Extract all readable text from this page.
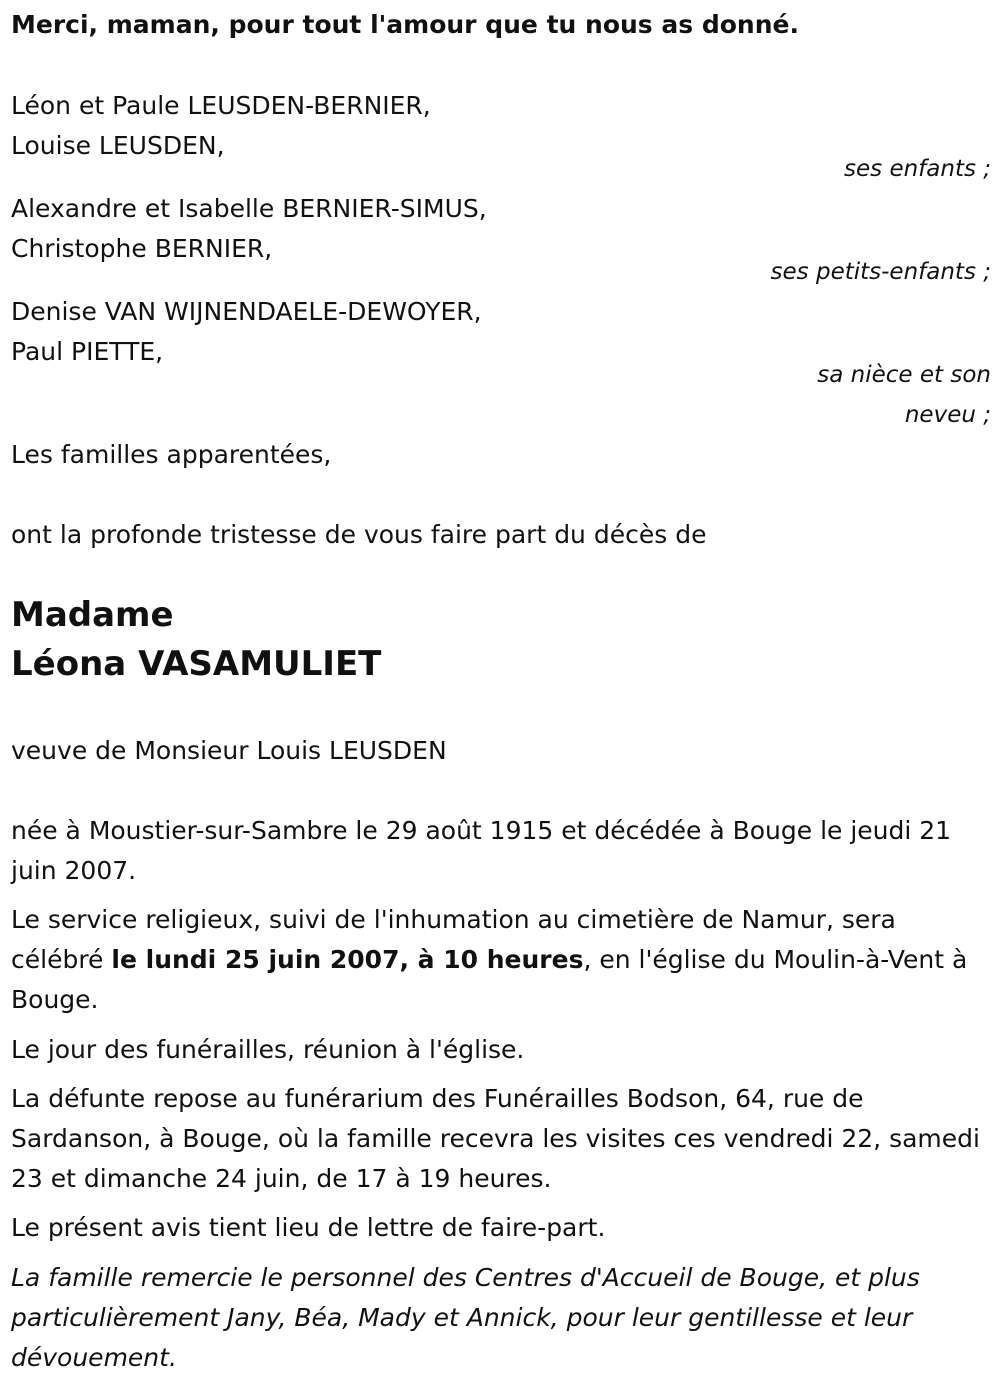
Merci, maman, pour tout l'amour que tu nous as donné.
Léon et Paule LEUSDEN-BERNIER,
Louise LEUSDEN,
ses enfants ;
Alexandre et Isabelle BERNIER-SIMUS,
Christophe BERNIER,
ses petits-enfants ;
Denise VAN WIJNENDAELE-DEWOYER,
Paul PIETTE,
sa nièce et son
neveu ;
Les familles apparentées,
ont la profonde tristesse de vous faire part du décès de
Madame
Léona VASAMULIET
veuve de Monsieur Louis LEUSDEN
née à Moustier-sur-Sambre le 29 août 1915 et décédée à Bouge le jeudi 21 juin 2007.
Le service religieux, suivi de l'inhumation au cimetière de Namur, sera célébré le lundi 25 juin 2007, à 10 heures, en l'église du Moulin-à-Vent à Bouge.
Le jour des funérailles, réunion à l'église.
La défunte repose au funérarium des Funérailles Bodson, 64, rue de Sardanson, à Bouge, où la famille recevra les visites ces vendredi 22, samedi 23 et dimanche 24 juin, de 17 à 19 heures.
Le présent avis tient lieu de lettre de faire-part.
La famille remercie le personnel des Centres d'Accueil de Bouge, et plus particulièrement Jany, Béa, Mady et Annick, pour leur gentillesse et leur dévouement.
